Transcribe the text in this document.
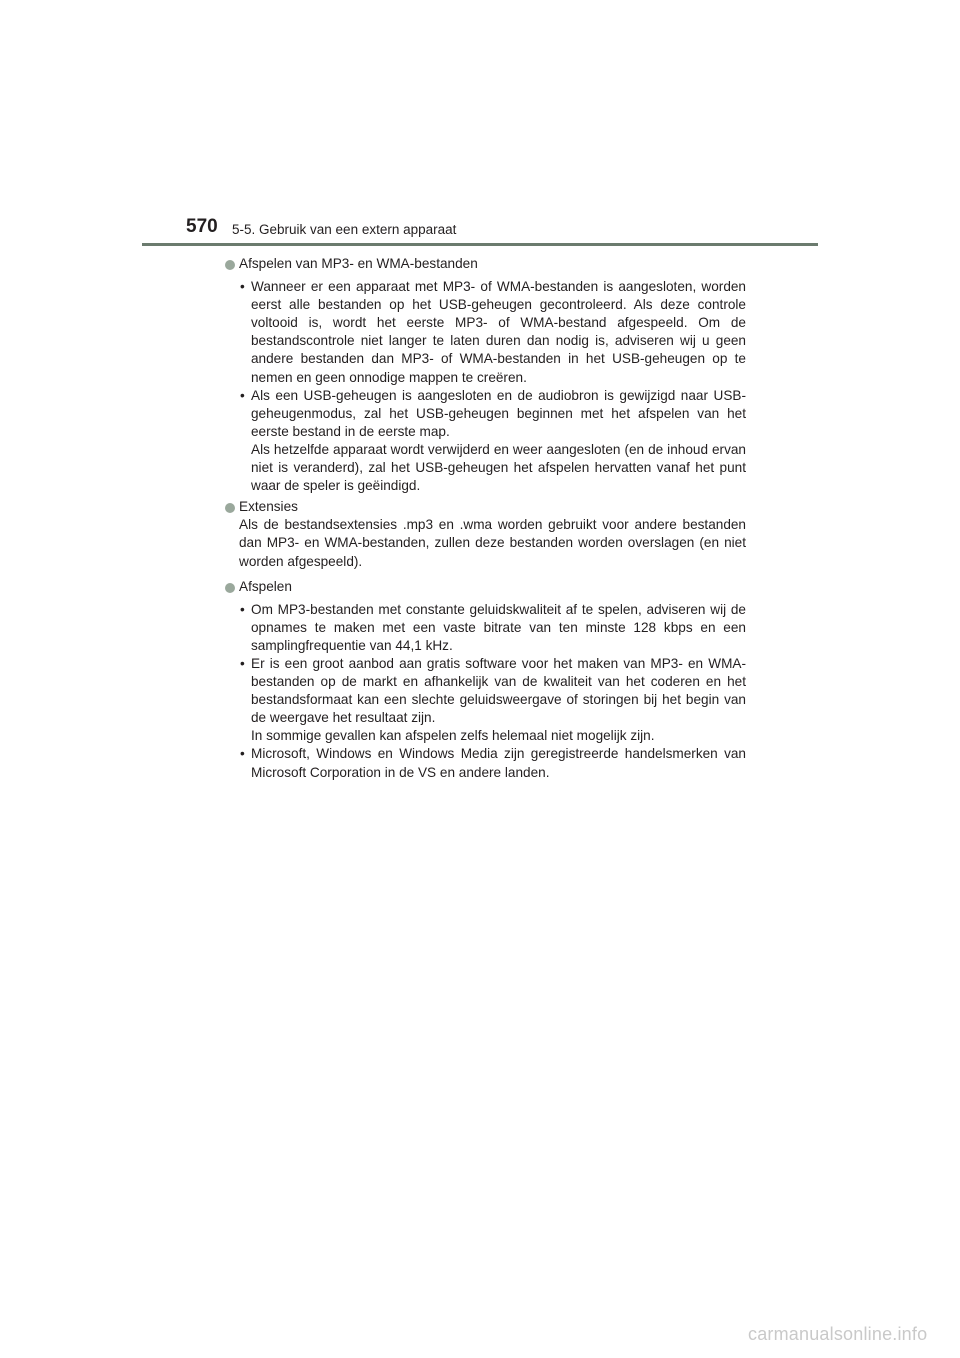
570 5-5. Gebruik van een extern apparaat
Afspelen van MP3- en WMA-bestanden
• Wanneer er een apparaat met MP3- of WMA-bestanden is aangesloten, worden eerst alle bestanden op het USB-geheugen gecontroleerd. Als deze controle voltooid is, wordt het eerste MP3- of WMA-bestand afgespeeld. Om de bestandscontrole niet langer te laten duren dan nodig is, adviseren wij u geen andere bestanden dan MP3- of WMA-bestanden in het USB-geheugen op te nemen en geen onnodige mappen te creëren.
• Als een USB-geheugen is aangesloten en de audiobron is gewijzigd naar USB-geheugenmodus, zal het USB-geheugen beginnen met het afspelen van het eerste bestand in de eerste map.
Als hetzelfde apparaat wordt verwijderd en weer aangesloten (en de inhoud ervan niet is veranderd), zal het USB-geheugen het afspelen hervatten vanaf het punt waar de speler is geëindigd.
Extensies
Als de bestandsextensies .mp3 en .wma worden gebruikt voor andere bestanden dan MP3- en WMA-bestanden, zullen deze bestanden worden overslagen (en niet worden afgespeeld).
Afspelen
• Om MP3-bestanden met constante geluidskwaliteit af te spelen, adviseren wij de opnames te maken met een vaste bitrate van ten minste 128 kbps en een samplingfrequentie van 44,1 kHz.
• Er is een groot aanbod aan gratis software voor het maken van MP3- en WMA-bestanden op de markt en afhankelijk van de kwaliteit van het coderen en het bestandsformaat kan een slechte geluidsweergave of storingen bij het begin van de weergave het resultaat zijn.
In sommige gevallen kan afspelen zelfs helemaal niet mogelijk zijn.
• Microsoft, Windows en Windows Media zijn geregistreerde handelsmerken van Microsoft Corporation in de VS en andere landen.
carmanualsonline.info
